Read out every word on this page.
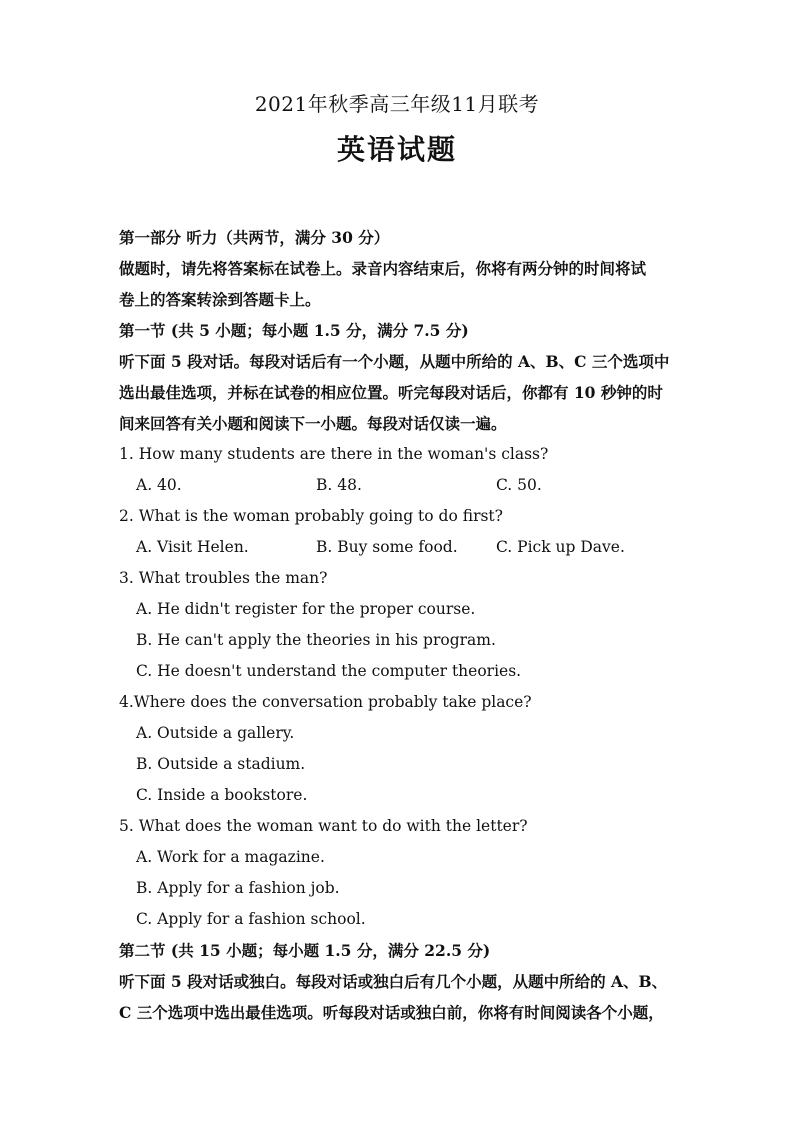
2021年秋季高三年级11月联考
英语试题
第一部分 听力（共两节，满分 30 分）
做题时，请先将答案标在试卷上。录音内容结束后，你将有两分钟的时间将试
卷上的答案转涂到答题卡上。
第一节 (共 5 小题；每小题 1.5 分，满分 7.5 分)
听下面 5 段对话。每段对话后有一个小题，从题中所给的 A、B、C 三个选项中
选出最佳选项，并标在试卷的相应位置。听完每段对话后，你都有 10 秒钟的时
间来回答有关小题和阅读下一小题。每段对话仅读一遍。
1. How many students are there in the woman's class?
A. 40.	B. 48.	C. 50.
2. What is the woman probably going to do first?
A. Visit Helen.	B. Buy some food.	C. Pick up Dave.
3. What troubles the man?
A. He didn't register for the proper course.
B. He can't apply the theories in his program.
C. He doesn't understand the computer theories.
4.Where does the conversation probably take place?
A. Outside a gallery.
B. Outside a stadium.
C. Inside a bookstore.
5. What does the woman want to do with the letter?
A. Work for a magazine.
B. Apply for a fashion job.
C. Apply for a fashion school.
第二节 (共 15 小题；每小题 1.5 分，满分 22.5 分)
听下面 5 段对话或独白。每段对话或独白后有几个小题，从题中所给的 A、B、
C 三个选项中选出最佳选项。听每段对话或独白前，你将有时间阅读各个小题，
